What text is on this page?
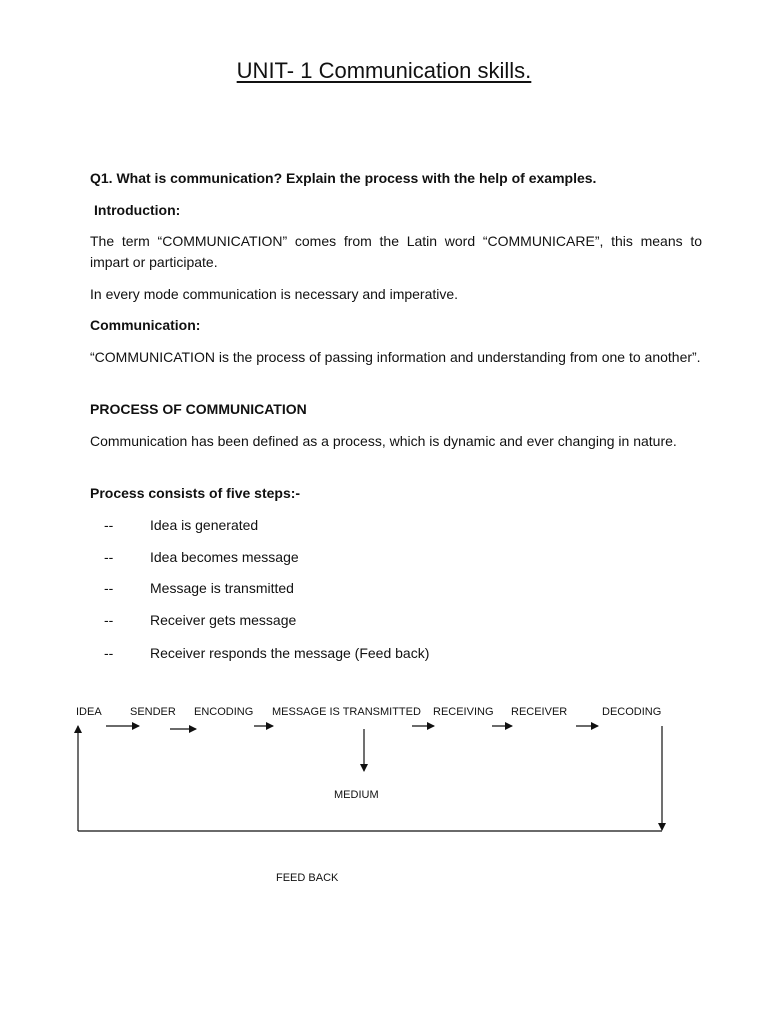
UNIT- 1 Communication skills.

Q1. What is communication? Explain the process with the help of examples.

Introduction:

The term “COMMUNICATION” comes from the Latin word “COMMUNICARE”, this means to impart or participate.

In every mode communication is necessary and imperative.

Communication:

“COMMUNICATION is the process of passing information and understanding from one to another”.

PROCESS OF COMMUNICATION

Communication has been defined as a process, which is dynamic and ever changing in nature.

Process consists of five steps:-

--	Idea is generated

--	Idea becomes message

--	Message is transmitted

--	Receiver gets message

--	Receiver responds the message (Feed back)

IDEA	SENDER ENCODING MESSAGE IS TRANSMITTED RECEIVING RECEIVER	DECODING
MEDIUM
FEED BACK
